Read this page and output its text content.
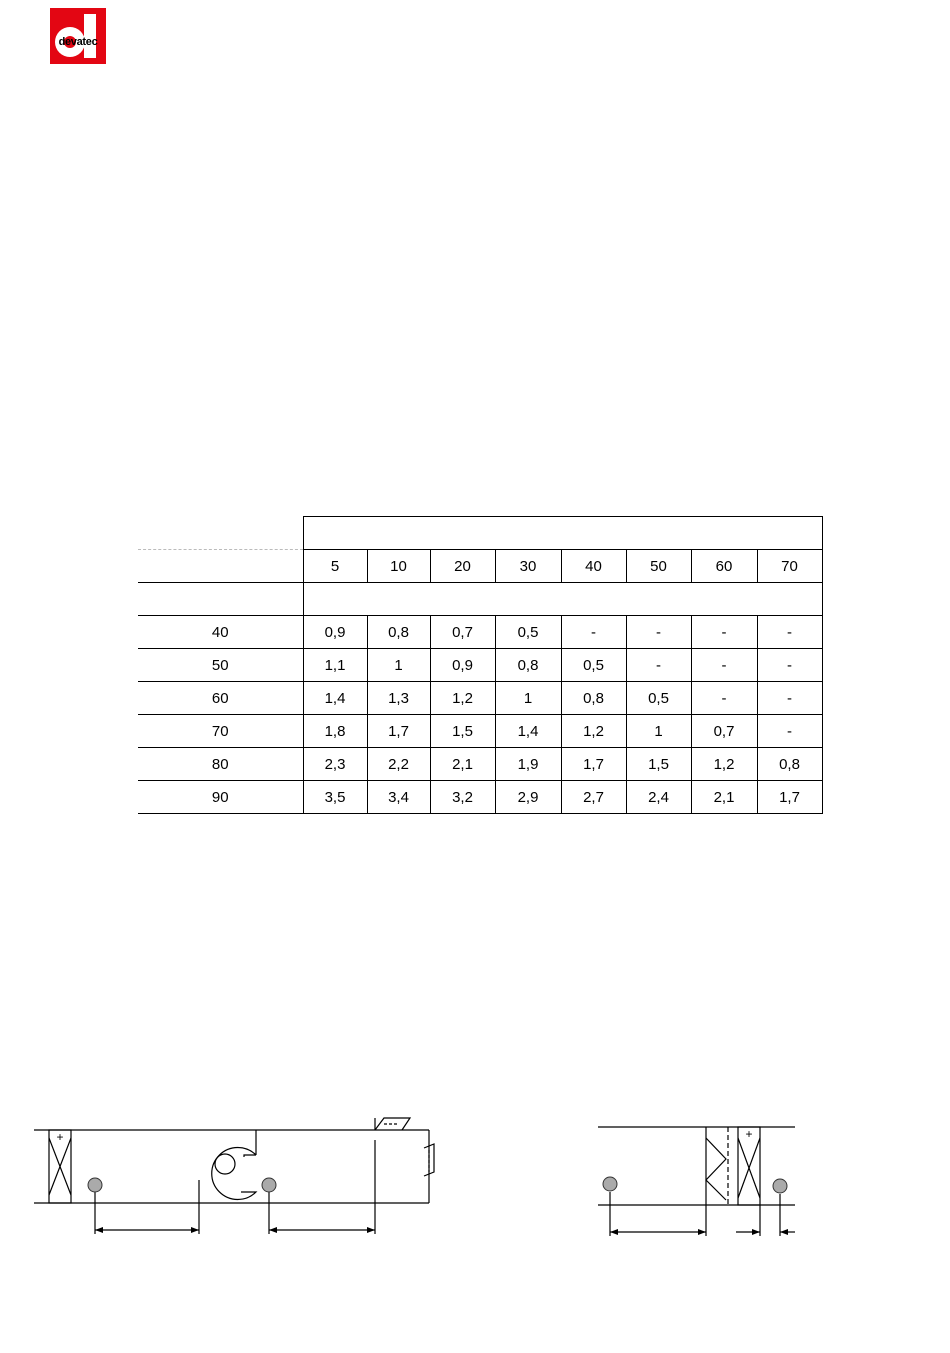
devatec

	5	10	20	30	40	50	60	70

40	0,9	0,8	0,7	0,5	-	-	-	-
50	1,1	1	0,9	0,8	0,5	-	-	-
60	1,4	1,3	1,2	1	0,8	0,5	-	-
70	1,8	1,7	1,5	1,4	1,2	1	0,7	-
80	2,3	2,2	2,1	1,9	1,7	1,5	1,2	0,8
90	3,5	3,4	3,2	2,9	2,7	2,4	2,1	1,7
+	+
